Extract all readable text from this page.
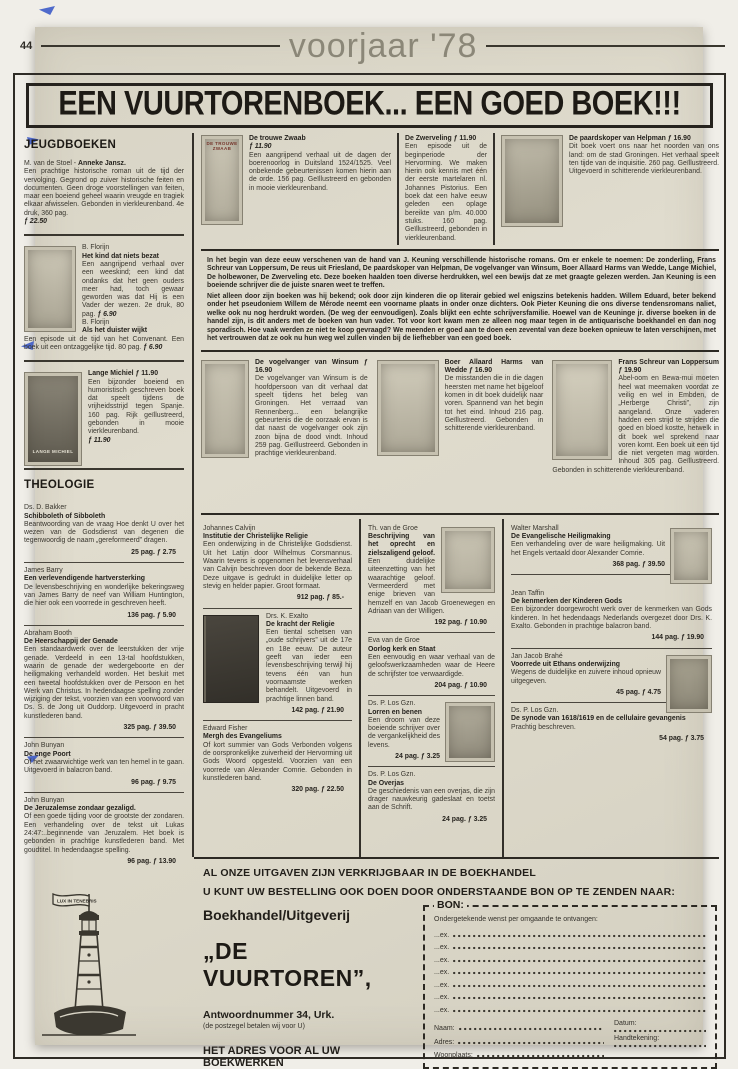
44	voorjaar '78
EEN VUURTORENBOEK... EEN GOED BOEK!!!
JEUGDBOEKEN
M. van de Stoel - Anneke Jansz.
Een prachtige historische roman uit de tijd der vervolging. Gegrond op zuiver historische feiten en documenten. Geen droge voorstellingen van feiten, maar een boeiend geheel waarin vreugde en tragiek elkaar afwisselen. Gebonden in vierkleurenband. 4e druk, 360 pag.
ƒ 22.50
B. Florijn
Het kind dat niets bezat
Een aangrijpend verhaal over een weeskind; een kind dat ondanks dat het geen ouders meer had, toch gewaar geworden was dat Hij is een Vader der wezen. 2e druk, 80 pag. ƒ 6.90
B. Florijn
Als het duister wijkt
Een episode uit de tijd van het Convenant. Een boek uit een ontzaggelijke tijd. 80 pag. ƒ 6.90
LANGE MICHIEL
Lange Michiel ƒ 11.90
Een bijzonder boeiend en humoristisch geschreven boek dat speelt tijdens de vrijheidsstrijd tegen Spanje. 160 pag. Rijk geïllustreerd, gebonden in mooie vierkleurenband.
ƒ 11.90
THEOLOGIE
Ds. D. Bakker
Schibboleth of Sibboleth
Beantwoording van de vraag Hoe denkt U over het wezen van de Godsdienst van degenen die tegenwoordig de naam „gereformeerd” dragen.
25 pag. ƒ 2.75
James Barry
Een verlevendigende hartversterking
De levensbeschrijving en wonderlijke bekeringsweg van James Barry de neef van William Huntington, die hier ook een voorrede in geschreven heeft.
136 pag. ƒ 5.90
Abraham Booth
De Heerschappij der Genade
Een standaardwerk over de leerstukken der vrije genade. Verdeeld in een 13-tal hoofdstukken, waarin de genade der wedergeboorte en der heiligmaking verhandeld worden. Het besluit met een tweetal hoofdstukken over de Persoon en het Werk van Christus. In hedendaagse spelling zonder wijziging der tekst, voorzien van een voorwoord van Ds. S. de Jong uit Ouddorp. Uitgevoerd in pracht kunstlederen band.
325 pag. ƒ 39.50
John Bunyan
De enge Poort
Of het zwaarwichtige werk van ten hemel in te gaan. Uitgevoerd in balacron band.
96 pag. ƒ 9.75
John Bunyan
De Jeruzalemse zondaar gezaligd.
Of een goede tijding voor de grootste der zondaren. Een verhandeling over de tekst uit Lukas 24:47:..beginnende van Jeruzalem. Het boek is gebonden in prachtige kunstlederen band. Met goudtitel. In hedendaagse spelling.
96 pag. ƒ 13.90
DE TROUWE ZWAAB
De trouwe Zwaab
ƒ 11.90
Een aangrijpend verhaal uit de dagen der boerenoorlog in Duitsland 1524/1525. Veel onbekende gebeurtenissen komen hierin aan de orde. 156 pag. Geïllustreerd en gebonden in mooie vierkleurenband.
De Zwerveling ƒ 11.90
Een episode uit de beginperiode der Hervorming. We maken hierin ook kennis met één der eerste martelaren nl. Johannes Pistorius. Een boek dat een halve eeuw geleden een oplage bereikte van p/m. 40.000 stuks. 160 pag. Geïllustreerd, gebonden in vierkleurenband.
De paardskoper van Helpman ƒ 16.90
Dit boek voert ons naar het noorden van ons land: om de stad Groningen. Het verhaal speelt ten tijde van de inquisitie. 260 pag. Geïllustreerd. Uitgevoerd in schitterende vierkleurenband.

In het begin van deze eeuw verschenen van de hand van J. Keuning verschillende historische romans. Om er enkele te noemen: De zonderling, Frans Schreur van Loppersum, De reus uit Friesland, De paardskoper van Helpman, De vogelvanger van Winsum, Boer Allaard Harms van Wedde, Lange Michiel, De holbewoner, De Zwerveling etc. Deze boeken haalden toen diverse herdrukken, wel een bewijs dat ze met graagte gelezen werden. Jan Keuning is een boeiende schrijver die de juiste snaren weet te treffen.

Niet alleen door zijn boeken was hij bekend; ook door zijn kinderen die op literair gebied wel enigszins betekenis hadden. Willem Eduard, beter bekend onder het pseudoniem Willem de Mérode neemt een voorname plaats in onder onze dichters. Ook Pieter Keuning die ons diverse tendensromans naliet, welke ook nu nog herdrukt worden. (De weg der eenvoudigen). Zoals blijkt een echte schrijversfamilie. Hoewel van de Keuninge jr. diverse boeken in de handel zijn, is dit anders met de boeken van hun vader. Tot voor kort kwam men ze alleen nog maar tegen in de antiquarische boekhandel en dan nog sporadisch. Hoe vaak werden ze niet te koop gevraagd? We meenden er goed aan te doen een zevental van deze boeken opnieuw te laten verschijnen, met het vertrouwen dat ze ook nu hun weg wel zullen vinden bij de liefhebber van een goed boek.

De vogelvanger van Winsum ƒ 16.90
De vogelvanger van Winsum is de hoofdpersoon van dit verhaal dat speelt tijdens het beleg van Groningen. Het verraad van Rennenberg... een belangrijke gebeurtenis die de oorzaak ervan is dat naast de vogelvanger ook zijn zoon bijna de dood vindt. Inhoud 259 pag. Geïllustreerd. Gebonden in prachtige vierkleurenband.
Boer Allaard Harms van Wedde ƒ 16.90
De misstanden die in die dagen heersten met name het bijgeloof komen in dit boek duidelijk naar voren. Spannend van het begin tot het eind. Inhoud 216 pag. Geïllustreerd. Gebonden in schitterende vierkleurenband.
Frans Schreur van Loppersum ƒ 19.90
Abel-oom en Bewa-mui moeten heel wat meemaken voordat ze veilig en wel in Embden, de „Herberge Christi”, zijn aangeland. Onze vaderen hadden een strijd te strijden die goed en bloed kostte, hetwelk in dit boek wel sprekend naar voren komt. Een boek uit een tijd die niet vergeten mag worden. Inhoud 305 pag. Geïllustreerd. Gebonden in schitterende vierkleurenband.
Johannes Calvijn
Institutie der Christelijke Religie
Een onderwijzing in de Christelijke Godsdienst. Uit het Latijn door Wilhelmus Corsmannus. Waarin tevens is opgenomen het levensverhaal van Calvijn beschreven door de bekende Beza. Deze uitgave is gedrukt in duidelijke letter op stevig en helder papier. Groot formaat.
912 pag. ƒ 85.-
Drs. K. Exalto
De kracht der Religie
Een tiental schetsen van „oude schrijvers” uit de 17e en 18e eeuw. De auteur geeft van ieder een levensbeschrijving terwijl hij tevens één van hun voornaamste werken behandelt. Uitgevoerd in prachtige linnen band.
142 pag. ƒ 21.90
Edward Fisher
Mergh des Evangeliums
Of kort summier van Gods Verbonden volgens de oorspronkelijke zuiverheid der Hervorming uit Gods Woord opgesteld. Voorzien van een voorrede van Alexander Comrie. Gebonden in kunstlederen band.
320 pag. ƒ 22.50
Th. van de Groe
Beschrijving van het oprecht en zielszaligend geloof.
Een duidelijke uiteenzetting van het waarachtige geloof. Vermeerderd met enige brieven van hemzelf en van Jacob Groenewegen en Adriaan van der Willigen.
192 pag. ƒ 10.90
Eva van de Groe
Oorlog kerk en Staat
Een eenvoudig en waar verhaal van de geloofswerkzaamheden waar de Heere de schrijfster toe verwaardigde.
204 pag. ƒ 10.90
Ds. P. Los Gzn.
Lorren en benen
Een droom van deze boeiende schrijver over de vergankelijkheid des levens.
24 pag. ƒ 3.25
Ds. P. Los Gzn.
De Overjas
De geschiedenis van een overjas, die zijn drager nauwkeurig gadeslaat en toetst aan de Schrift.
24 pag. ƒ 3.25
Walter Marshall
De Evangelische Heiligmaking
Een verhandeling over de ware heiligmaking. Uit het Engels vertaald door Alexander Comrie.
368 pag. ƒ 39.50
Jean Taffin
De kenmerken der Kinderen Gods
Een bijzonder doorgewrocht werk over de kenmerken van Gods kinderen. In het hedendaags Nederlands overgezet door Drs. K. Exalto. Gebonden in prachtige balacron band.
144 pag. ƒ 19.90
Jan Jacob Brahé
Voorrede uit Ethans onderwijzing
Wegens de duidelijke en zuivere inhoud opnieuw uitgegeven.
45 pag. ƒ 4.75
Ds. P. Los Gzn.
De synode van 1618/1619 en de cellulaire gevangenis
Prachtig beschreven.
54 pag. ƒ 3.75
LUX IN TENEBRIS
AL ONZE UITGAVEN ZIJN VERKRIJGBAAR IN DE BOEKHANDEL
U KUNT UW BESTELLING OOK DOEN DOOR ONDERSTAANDE BON OP TE ZENDEN NAAR:
Boekhandel/Uitgeverij
„DE VUURTOREN”,
Antwoordnummer 34, Urk.
(de postzegel betalen wij voor U)
HET ADRES VOOR AL UW BOEKWERKEN
BON:
Ondergetekende wenst per omgaande te ontvangen:
...ex.
...ex.
...ex.
...ex.
...ex.
...ex.
...ex.
Naam:
Adres:
Woonplaats:
Datum:
Handtekening:
